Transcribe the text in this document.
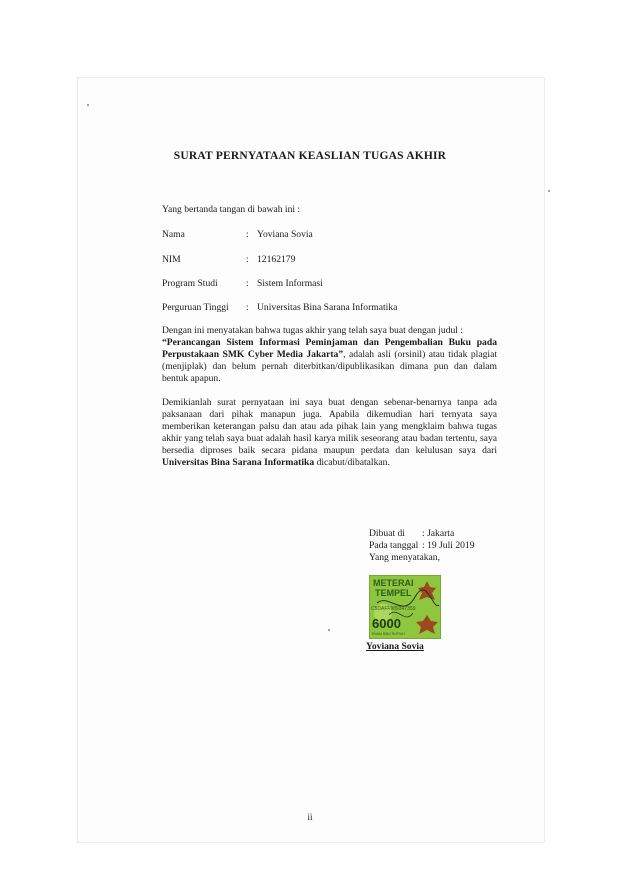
SURAT PERNYATAAN KEASLIAN TUGAS AKHIR
Yang bertanda tangan di bawah ini :
Nama	: Yoviana Sovia
NIM	: 12162179
Program Studi	: Sistem Informasi
Perguruan Tinggi : Universitas Bina Sarana Informatika

Dengan ini menyatakan bahwa tugas akhir yang telah saya buat dengan judul :

“Perancangan Sistem Informasi Peminjaman dan Pengembalian Buku pada Perpustakaan SMK Cyber Media Jakarta”, adalah asli (orsinil) atau tidak plagiat (menjiplak) dan belum pernah diterbitkan/dipublikasikan dimana pun dan dalam bentuk apapun.

Demikianlah surat pernyataan ini saya buat dengan sebenar-benarnya tanpa ada paksanaan dari pihak manapun juga. Apabila dikemudian hari ternyata saya memberikan keterangan palsu dan atau ada pihak lain yang mengklaim bahwa tugas akhir yang telah saya buat adalah hasil karya milik seseorang atau badan tertentu, saya bersedia diproses baik secara pidana maupun perdata dan kelulusan saya dari Universitas Bina Sarana Informatika dicabut/dibatalkan.

Dibuat di : Jakarta
Pada tanggal : 19 Juli 2019
Yang menyatakan,
METERAI
TEMPEL
C5DAFF989347359
6000
ENAM RIBU RUPIAH
Yoviana Sovia
ii
